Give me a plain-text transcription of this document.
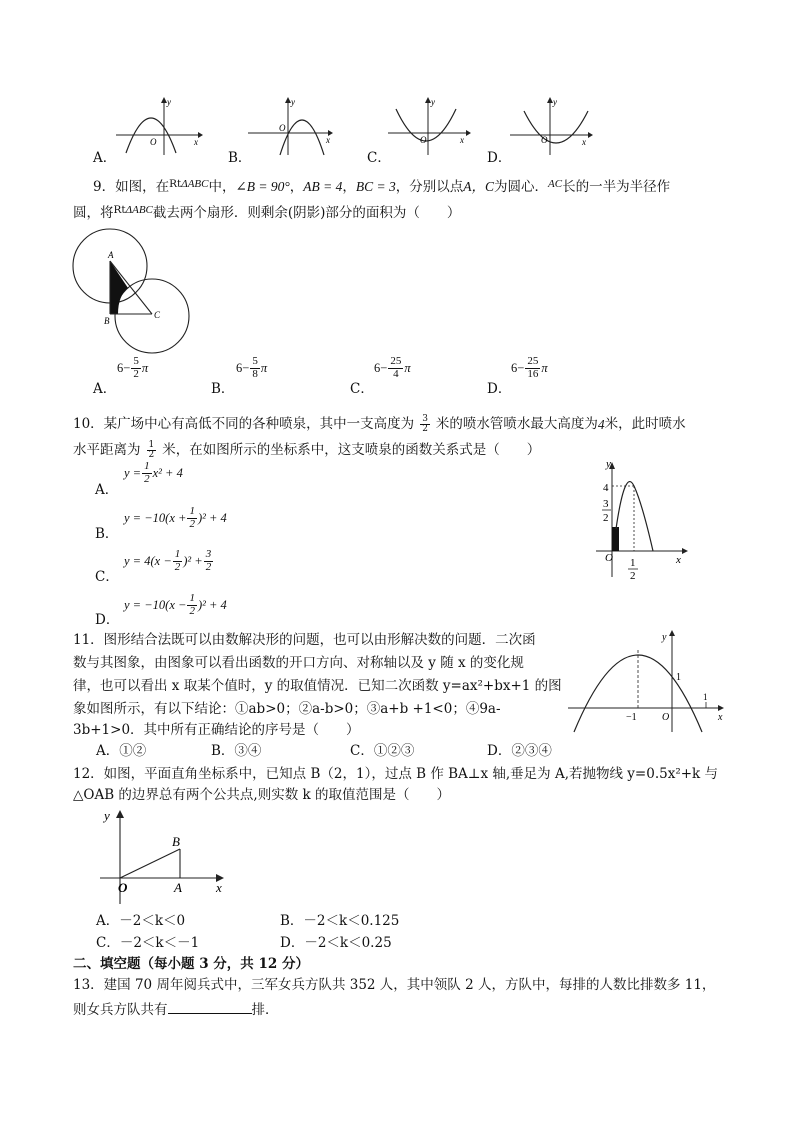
A．
y
x
O
B．
y
x
O
C．
y
x
O
D．
y
x
O
9．如图，在$^{Rt\Delta ABC}$中，∠B = 90°，AB = 4，BC = 3，分别以点A，C为圆心．$^{AC}$长的一半为半径作
圆，将$^{Rt\Delta ABC}$截去两个扇形．则剩余(阴影)部分的面积为（　　）
A
B
C
A．
$6 - \frac{5}{2}$ π
B．
$6 - \frac{5}{8}$ π
C．
$6 - \frac{25}{4}$ π
D．
$6 - \frac{25}{16}$ π
10．某广场中心有高低不同的各种喷泉，其中一支高度为 $\frac{3}{2}$ 米的喷水管喷水最大高度为 4 米，此时喷水
水平距离为 $\frac{1}{2}$ 米，在如图所示的坐标系中，这支喷泉的函数关系式是（　　）
A．
$y = \frac{1}{2} x^2 + 4$
B．
$y = -10(x + \frac{1}{2} )^2 + 4$
C．
$y = 4(x - \frac{1}{2} )^2 + \frac{3}{2}$
D．
$y = -10(x - \frac{1}{2} )^2 + 4$
y
x
O
4
3
2
1
2
11．图形结合法既可以由数解决形的问题，也可以由形解决数的问题．二次函
数与其图象，由图象可以看出函数的开口方向、对称轴以及 y 随 x 的变化规
律，也可以看出 x 取某个值时，y 的取值情况．已知二次函数 y=ax²+bx+1 的图
象如图所示，有以下结论：①ab>0；②a-b>0；③a+b +1<0；④9a-
3b+1>0．其中所有正确结论的序号是（　　）
A．①②	B．③④	C．①②③	D．②③④
y
x
O
1
−1
1
12．如图，平面直角坐标系中，已知点 B（2，1），过点 B 作 BA⊥x 轴,垂足为 A,若抛物线 y=0.5x²+k 与
△OAB 的边界总有两个公共点,则实数 k 的取值范围是（　　）
y
x
O	A
B
A．－2＜k＜0	B．－2＜k＜0.125
C．－2＜k＜－1	D．－2＜k＜0.25
二、填空题（每小题 3 分，共 12 分）
13．建国 70 周年阅兵式中，三军女兵方队共 352 人，其中领队 2 人，方队中，每排的人数比排数多 11，
则女兵方队共有	排．
